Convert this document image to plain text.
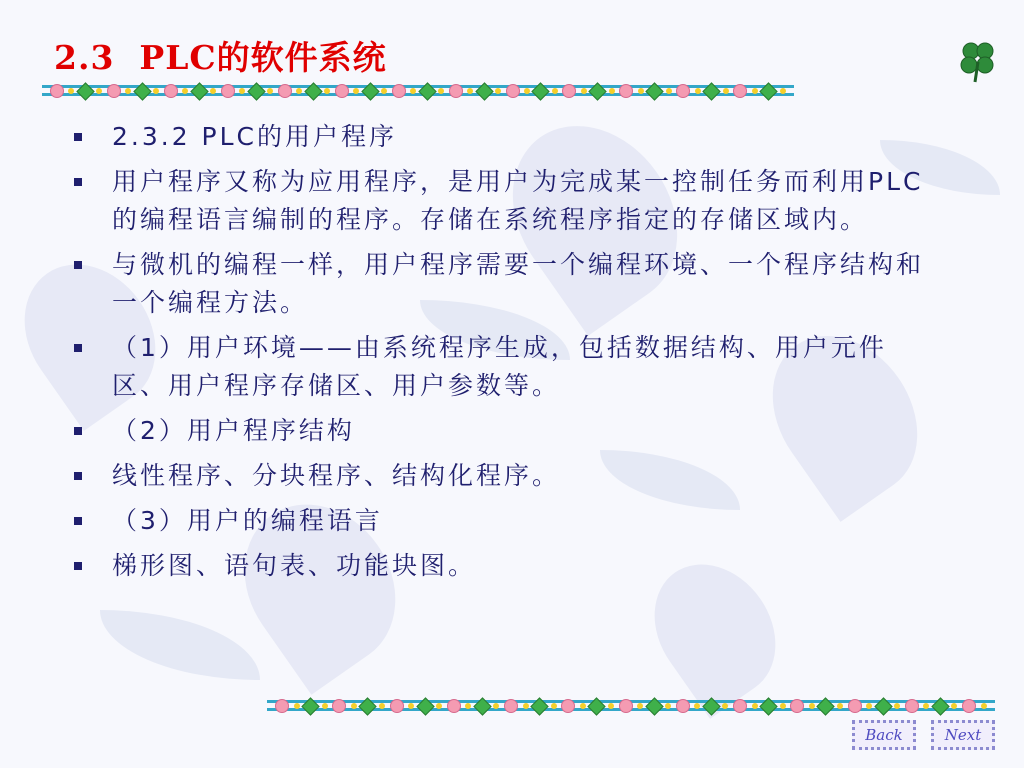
2.3  PLC的软件系统
2.3.2 PLC的用户程序
用户程序又称为应用程序，是用户为完成某一控制任务而利用PLC的编程语言编制的程序。存储在系统程序指定的存储区域内。
与微机的编程一样，用户程序需要一个编程环境、一个程序结构和一个编程方法。
（1）用户环境——由系统程序生成，包括数据结构、用户元件区、用户程序存储区、用户参数等。
（2）用户程序结构
线性程序、分块程序、结构化程序。
（3）用户的编程语言
梯形图、语句表、功能块图。
Back	Next
